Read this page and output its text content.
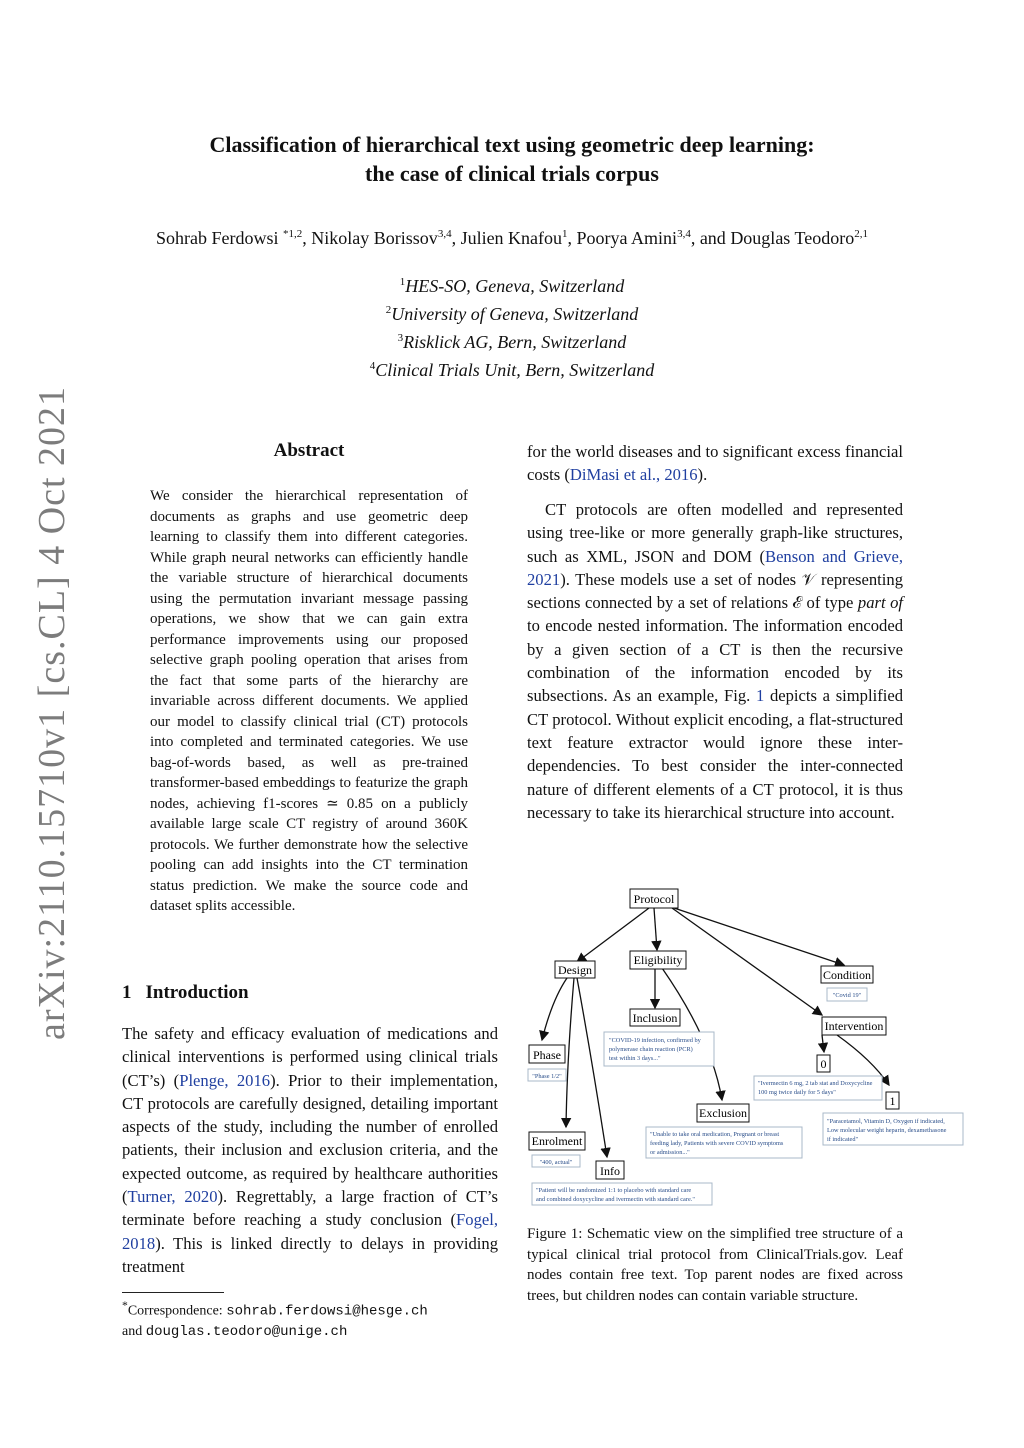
Classification of hierarchical text using geometric deep learning:
the case of clinical trials corpus
Sohrab Ferdowsi $^{*1,2}$, Nikolay Borissov$^{3,4}$, Julien Knafou$^1$, Poorya Amini$^{3,4}$, and Douglas Teodoro$^{2,1}$
$^1$HES-SO, Geneva, Switzerland
$^2$University of Geneva, Switzerland
$^3$Risklick AG, Bern, Switzerland
$^4$Clinical Trials Unit, Bern, Switzerland
arXiv:2110.15710v1 [cs.CL] 4 Oct 2021	Abstract
We consider the hierarchical representation of documents as graphs and use geometric deep learning to classify them into different categories. While graph neural networks can efficiently handle the variable structure of hierarchical documents using the permutation invariant message passing operations, we show that we can gain extra performance improvements using our proposed selective graph pooling operation that arises from the fact that some parts of the hierarchy are invariable across different documents. We applied our model to classify clinical trial (CT) protocols into completed and terminated categories. We use bag-of-words based, as well as pre-trained transformer-based embeddings to featurize the graph nodes, achieving f1-scores ≃ 0.85 on a publicly available large scale CT registry of around 360K protocols. We further demonstrate how the selective pooling can add insights into the CT termination status prediction. We make the source code and dataset splits accessible.
1 Introduction
The safety and efficacy evaluation of medications and clinical interventions is performed using clinical trials (CT’s) (Plenge, 2016). Prior to their implementation, CT protocols are carefully designed, detailing important aspects of the study, including the number of enrolled patients, their inclusion and exclusion criteria, and the expected outcome, as required by healthcare authorities (Turner, 2020). Regrettably, a large fraction of CT’s terminate before reaching a study conclusion (Fogel, 2018). This is linked directly to delays in providing treatment
for the world diseases and to significant excess financial costs (DiMasi et al., 2016).
CT protocols are often modelled and represented using tree-like or more generally graph-like structures, such as XML, JSON and DOM (Benson and Grieve, 2021). These models use a set of nodes 𝒱 representing sections connected by a set of relations ℰ of type part of to encode nested information. The information encoded by a given section of a CT is then the recursive combination of the information encoded by its subsections. As an example, Fig. 1 depicts a simplified CT protocol. Without explicit encoding, a flat-structured text feature extractor would ignore these inter-dependencies. To best consider the inter-connected nature of different elements of a CT protocol, it is thus necessary to take its hierarchical structure into account.
Protocol
Design
Eligibility
Condition
Inclusion
Intervention
Phase
Exclusion
Enrolment
Info
0
1
"Covid 19"
"COVID-19 infection, confirmed by
polymerase chain reaction (PCR)
test within 3 days..."
"Phase 1/2"
"Ivermectin 6 mg, 2 tab stat and Doxycycline
100 mg twice daily for 5 days"
"Paracetamol, Vitamin D, Oxygen if indicated,
Low molecular weight heparin, dexamethasone
if indicated"
"Unable to take oral medication, Pregnant or breast
feeding lady, Patients with severe COVID symptoms
or admission..."
"400, actual"
"Patient will be randomized 1:1 to placebo with standard care
and combined doxycycline and ivermectin with standard care."
Figure 1: Schematic view on the simplified tree structure of a typical clinical trial protocol from ClinicalTrials.gov. Leaf nodes contain free text. Top parent nodes are fixed across trees, but children nodes can contain variable structure.
*Correspondence: sohrab.ferdowsi@hesge.ch
and douglas.teodoro@unige.ch
